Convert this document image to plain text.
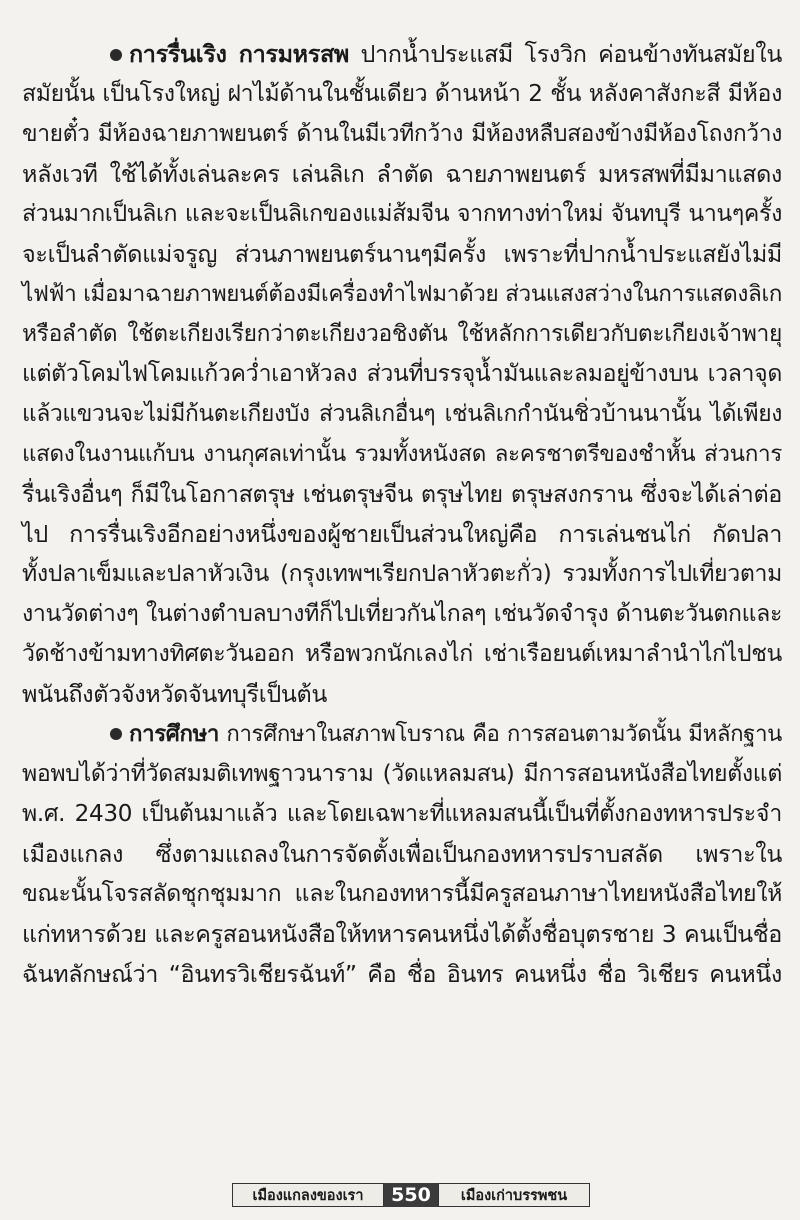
การรื่นเริง การมหรสพ ปากน้ำประแสมี โรงวิก ค่อนข้างทันสมัยใน
สมัยนั้น เป็นโรงใหญ่ ฝาไม้ด้านในชั้นเดียว ด้านหน้า 2 ชั้น หลังคาสังกะสี มีห้อง
ขายตั๋ว มีห้องฉายภาพยนตร์ ด้านในมีเวทีกว้าง มีห้องหลืบสองข้างมีห้องโถงกว้าง
หลังเวที ใช้ได้ทั้งเล่นละคร เล่นลิเก ลำตัด ฉายภาพยนตร์ มหรสพที่มีมาแสดง
ส่วนมากเป็นลิเก และจะเป็นลิเกของแม่ส้มจีน จากทางท่าใหม่ จันทบุรี นานๆครั้ง
จะเป็นลำตัดแม่จรูญ ส่วนภาพยนตร์นานๆมีครั้ง เพราะที่ปากน้ำประแสยังไม่มี
ไฟฟ้า เมื่อมาฉายภาพยนต์ต้องมีเครื่องทำไฟมาด้วย ส่วนแสงสว่างในการแสดงลิเก
หรือลำตัด ใช้ตะเกียงเรียกว่าตะเกียงวอชิงตัน ใช้หลักการเดียวกับตะเกียงเจ้าพายุ
แต่ตัวโคมไฟโคมแก้วคว่ำเอาหัวลง ส่วนที่บรรจุน้ำมันและลมอยู่ข้างบน เวลาจุด
แล้วแขวนจะไม่มีก้นตะเกียงบัง ส่วนลิเกอื่นๆ เช่นลิเกกำนันชิ่วบ้านนานั้น ได้เพียง
แสดงในงานแก้บน งานกุศลเท่านั้น รวมทั้งหนังสด ละครชาตรีของชำหั้น ส่วนการ
รื่นเริงอื่นๆ ก็มีในโอกาสตรุษ เช่นตรุษจีน ตรุษไทย ตรุษสงกราน ซึ่งจะได้เล่าต่อ
ไป การรื่นเริงอีกอย่างหนึ่งของผู้ชายเป็นส่วนใหญ่คือ การเล่นชนไก่ กัดปลา
ทั้งปลาเข็มและปลาหัวเงิน (กรุงเทพฯเรียกปลาหัวตะกั่ว) รวมทั้งการไปเที่ยวตาม
งานวัดต่างๆ ในต่างตำบลบางทีก็ไปเที่ยวกันไกลๆ เช่นวัดจำรุง ด้านตะวันตกและ
วัดช้างข้ามทางทิศตะวันออก หรือพวกนักเลงไก่ เช่าเรือยนต์เหมาลำนำไก่ไปชน
พนันถึงตัวจังหวัดจันทบุรีเป็นต้น
การศึกษา การศึกษาในสภาพโบราณ คือ การสอนตามวัดนั้น มีหลักฐาน
พอพบได้ว่าที่วัดสมมติเทพฐาวนาราม (วัดแหลมสน) มีการสอนหนังสือไทยตั้งแต่
พ.ศ. 2430 เป็นต้นมาแล้ว และโดยเฉพาะที่แหลมสนนี้เป็นที่ตั้งกองทหารประจำ
เมืองแกลง ซึ่งตามแถลงในการจัดตั้งเพื่อเป็นกองทหารปราบสลัด เพราะใน
ขณะนั้นโจรสลัดชุกชุมมาก และในกองทหารนี้มีครูสอนภาษาไทยหนังสือไทยให้
แก่ทหารด้วย และครูสอนหนังสือให้ทหารคนหนึ่งได้ตั้งชื่อบุตรชาย 3 คนเป็นชื่อ
ฉันทลักษณ์ว่า “อินทรวิเชียรฉันท์” คือ ชื่อ อินทร คนหนึ่ง ชื่อ วิเชียร คนหนึ่ง
เมืองแกลงของเรา	550	เมืองเก่าบรรพชน
